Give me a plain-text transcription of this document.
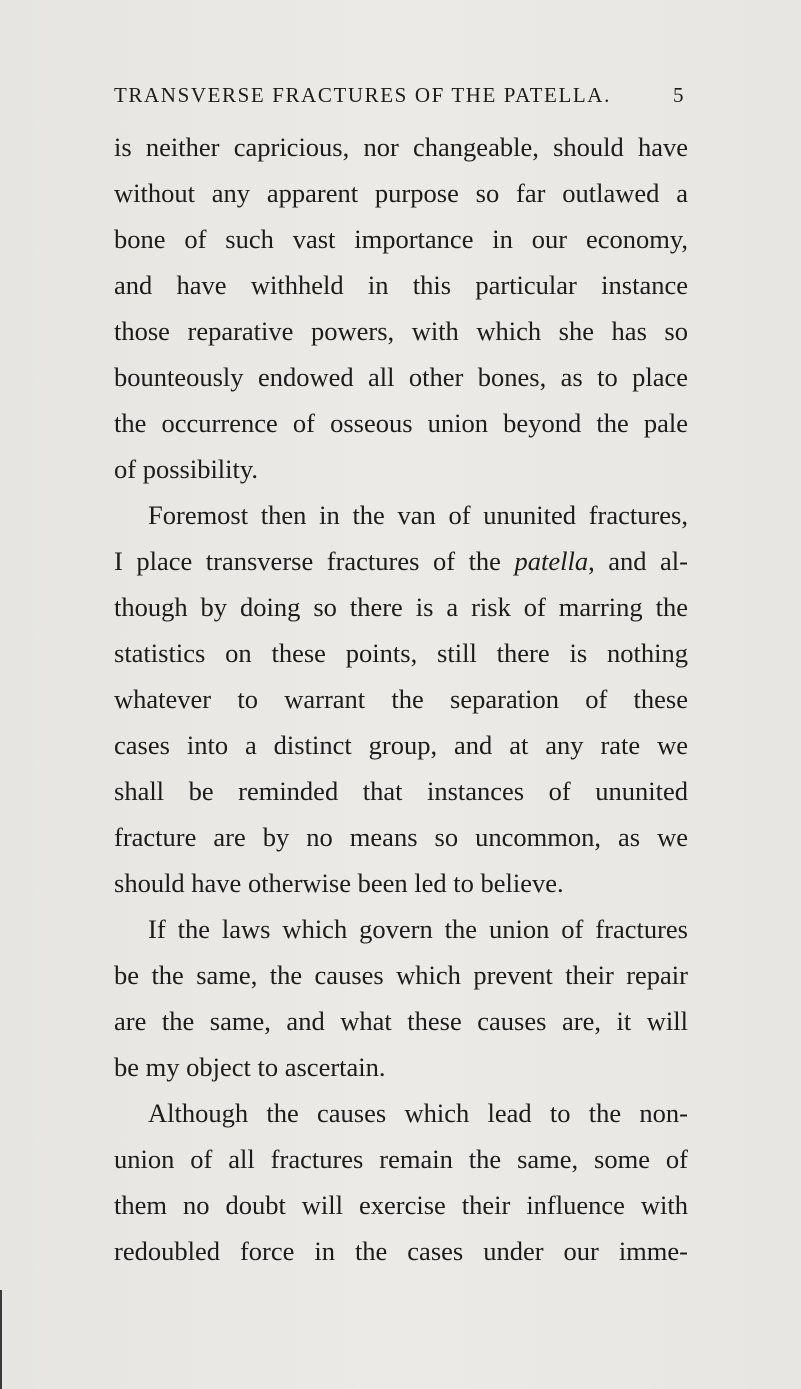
TRANSVERSE FRACTURES OF THE PATELLA.	5
is neither capricious, nor changeable, should have
without any apparent purpose so far outlawed a
bone of such vast importance in our economy,
and have withheld in this particular instance
those reparative powers, with which she has so
bounteously endowed all other bones, as to place
the occurrence of osseous union beyond the pale
of possibility.
Foremost then in the van of ununited fractures,
I place transverse fractures of the patella, and al-
though by doing so there is a risk of marring the
statistics on these points, still there is nothing
whatever to warrant the separation of these
cases into a distinct group, and at any rate we
shall be reminded that instances of ununited
fracture are by no means so uncommon, as we
should have otherwise been led to believe.
If the laws which govern the union of fractures
be the same, the causes which prevent their repair
are the same, and what these causes are, it will
be my object to ascertain.
Although the causes which lead to the non-
union of all fractures remain the same, some of
them no doubt will exercise their influence with
redoubled force in the cases under our imme-
